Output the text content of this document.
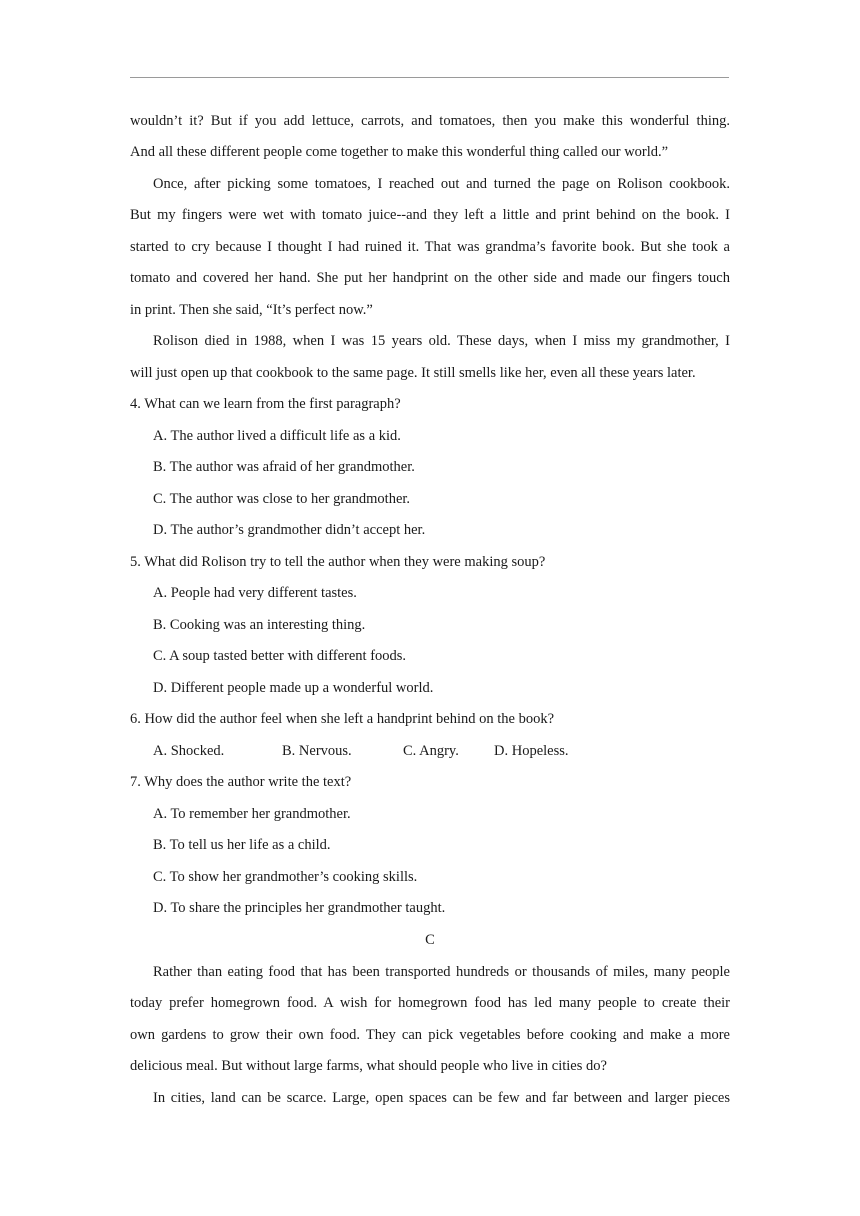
wouldn’t it? But if you add lettuce, carrots, and tomatoes, then you make this wonderful thing.
And all these different people come together to make this wonderful thing called our world.”
Once, after picking some tomatoes, I reached out and turned the page on Rolison cookbook.
But my fingers were wet with tomato juice--and they left a little and print behind on the book. I
started to cry because I thought I had ruined it. That was grandma’s favorite book. But she took a
tomato and covered her hand. She put her handprint on the other side and made our fingers touch
in print. Then she said, “It’s perfect now.”
Rolison died in 1988, when I was 15 years old. These days, when I miss my grandmother, I
will just open up that cookbook to the same page. It still smells like her, even all these years later.
4. What can we learn from the first paragraph?
A. The author lived a difficult life as a kid.
B. The author was afraid of her grandmother.
C. The author was close to her grandmother.
D. The author’s grandmother didn’t accept her.
5. What did Rolison try to tell the author when they were making soup?
A. People had very different tastes.
B. Cooking was an interesting thing.
C. A soup tasted better with different foods.
D. Different people made up a wonderful world.
6. How did the author feel when she left a handprint behind on the book?
A. Shocked.	B. Nervous.	C. Angry. D. Hopeless.
7. Why does the author write the text?
A. To remember her grandmother.
B. To tell us her life as a child.
C. To show her grandmother’s cooking skills.
D. To share the principles her grandmother taught.
C
Rather than eating food that has been transported hundreds or thousands of miles, many people
today prefer homegrown food. A wish for homegrown food has led many people to create their
own gardens to grow their own food. They can pick vegetables before cooking and make a more
delicious meal. But without large farms, what should people who live in cities do?
In cities, land can be scarce. Large, open spaces can be few and far between and larger pieces
